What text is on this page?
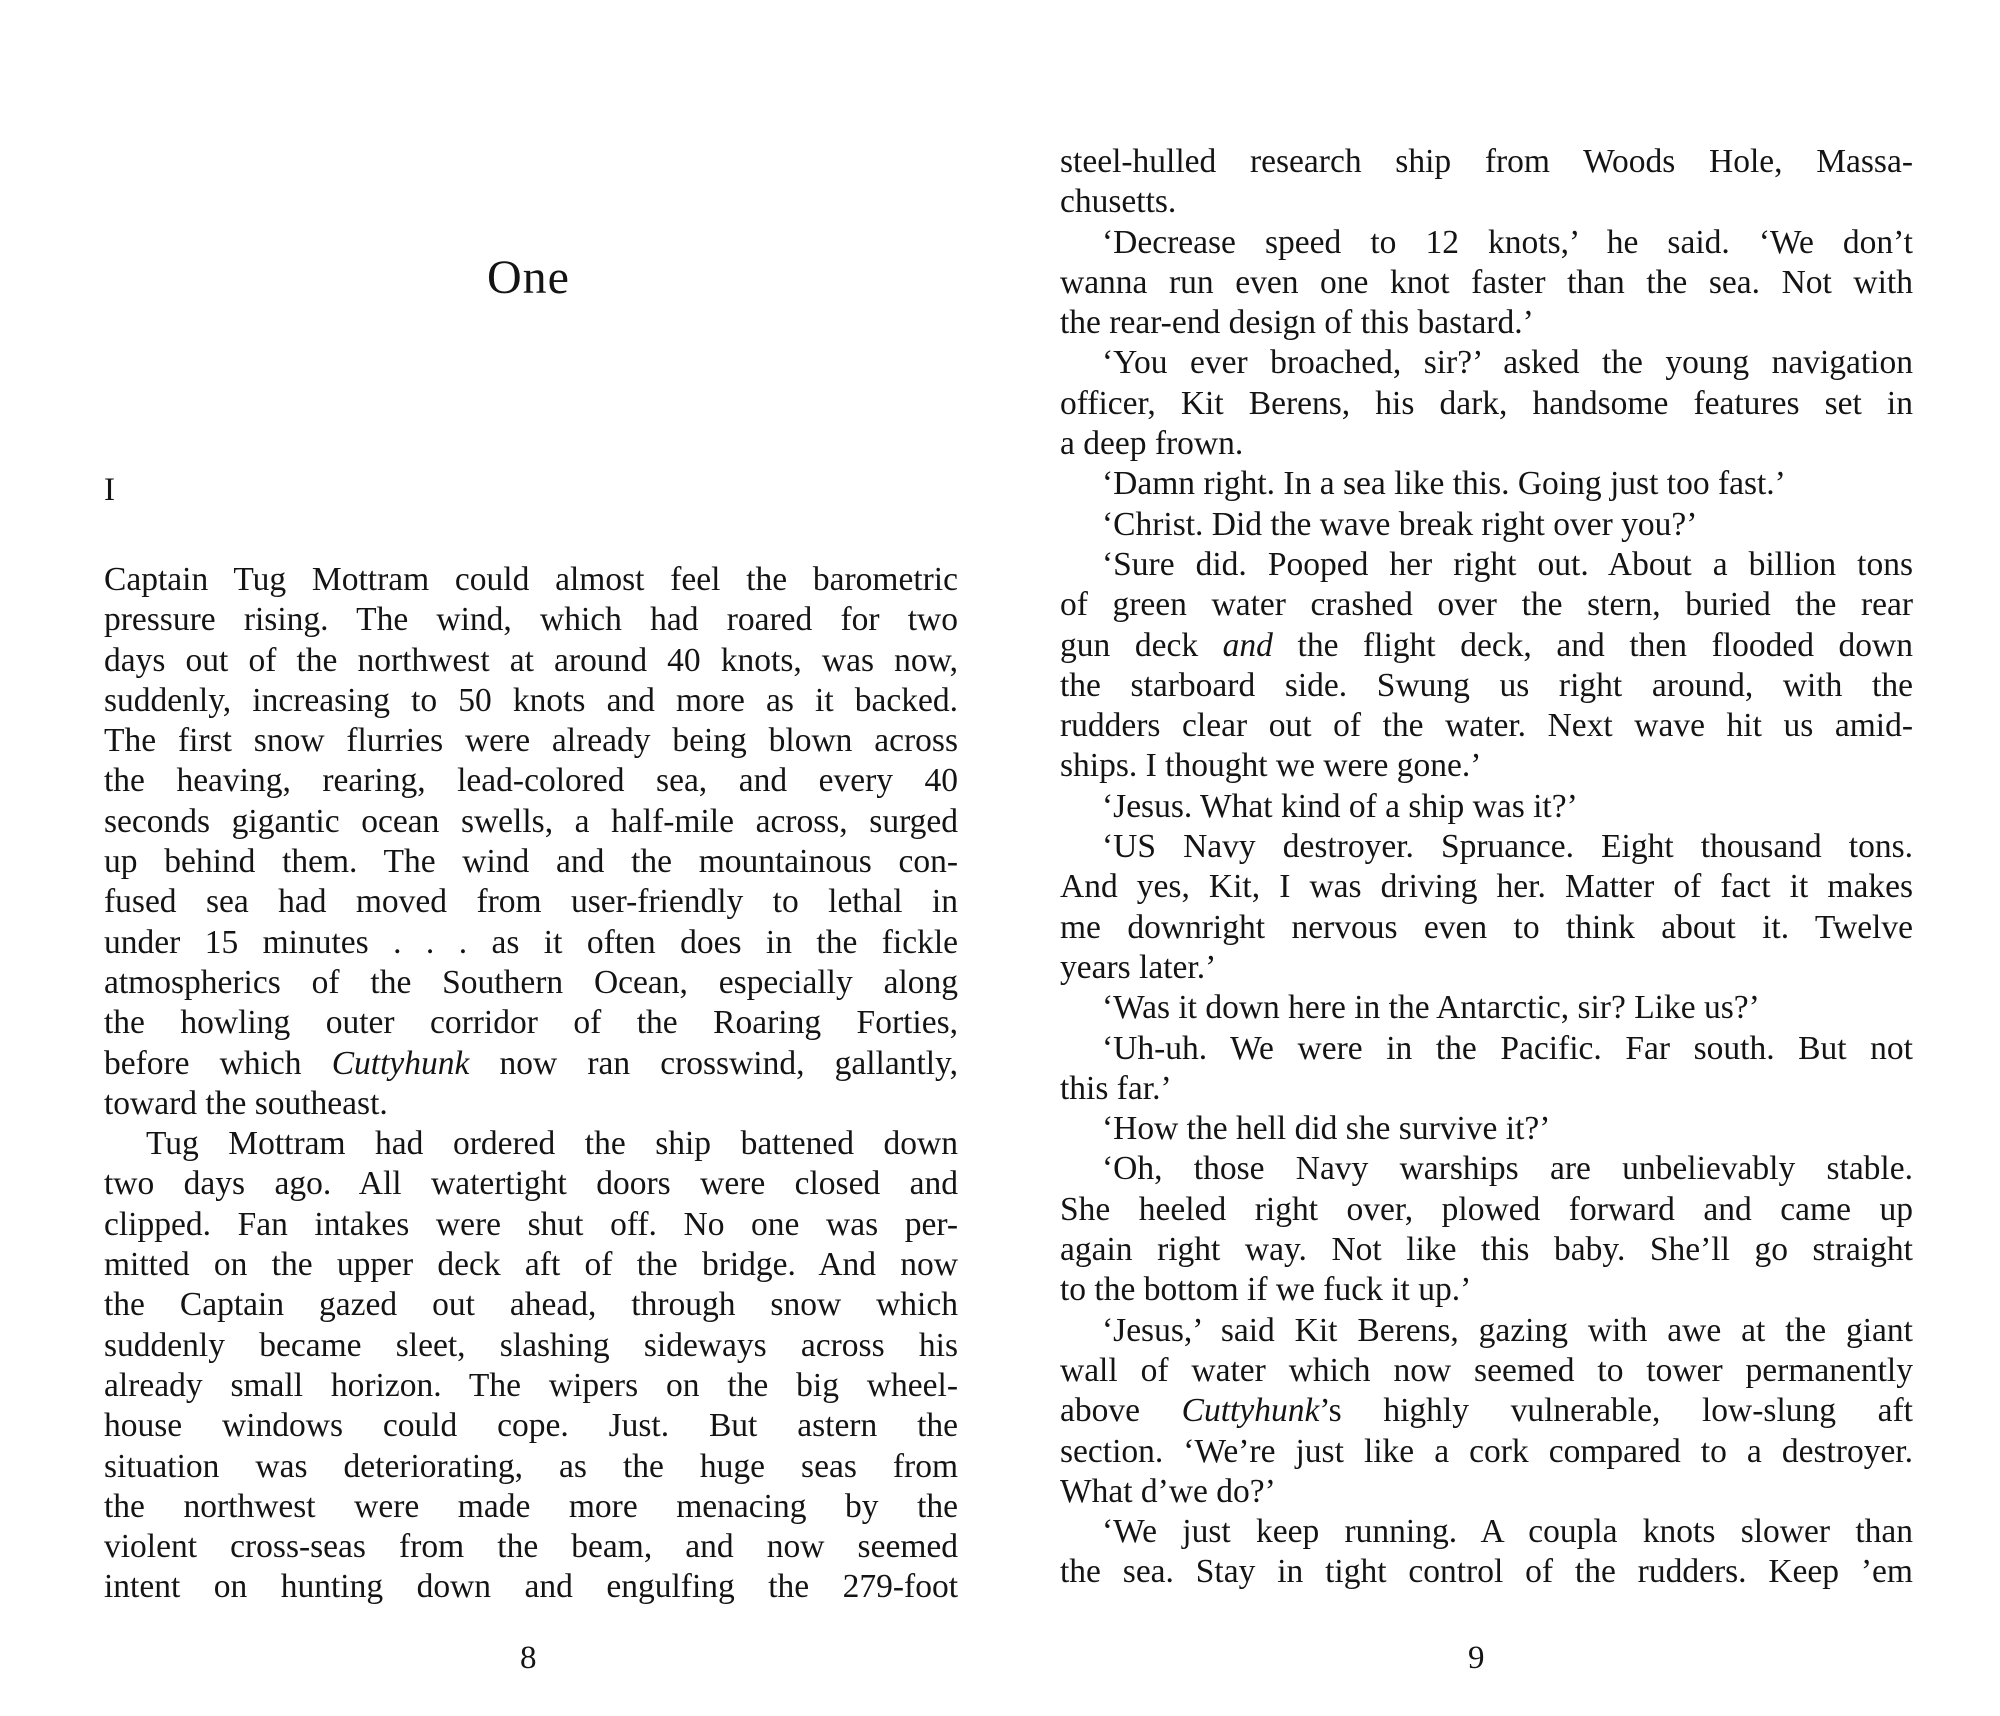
One
I
Captain Tug Mottram could almost feel the barometric
pressure rising. The wind, which had roared for two
days out of the northwest at around 40 knots, was now,
suddenly, increasing to 50 knots and more as it backed.
The first snow flurries were already being blown across
the heaving, rearing, lead-colored sea, and every 40
seconds gigantic ocean swells, a half-mile across, surged
up behind them. The wind and the mountainous con-
fused sea had moved from user-friendly to lethal in
under 15 minutes . . . as it often does in the fickle
atmospherics of the Southern Ocean, especially along
the howling outer corridor of the Roaring Forties,
before which Cuttyhunk now ran crosswind, gallantly,
toward the southeast.
Tug Mottram had ordered the ship battened down
two days ago. All watertight doors were closed and
clipped. Fan intakes were shut off. No one was per-
mitted on the upper deck aft of the bridge. And now
the Captain gazed out ahead, through snow which
suddenly became sleet, slashing sideways across his
already small horizon. The wipers on the big wheel-
house windows could cope. Just. But astern the
situation was deteriorating, as the huge seas from
the northwest were made more menacing by the
violent cross-seas from the beam, and now seemed
intent on hunting down and engulfing the 279-foot
8
steel-hulled research ship from Woods Hole, Massa-
chusetts.
‘Decrease speed to 12 knots,’ he said. ‘We don’t
wanna run even one knot faster than the sea. Not with
the rear-end design of this bastard.’
‘You ever broached, sir?’ asked the young navigation
officer, Kit Berens, his dark, handsome features set in
a deep frown.
‘Damn right. In a sea like this. Going just too fast.’
‘Christ. Did the wave break right over you?’
‘Sure did. Pooped her right out. About a billion tons
of green water crashed over the stern, buried the rear
gun deck and the flight deck, and then flooded down
the starboard side. Swung us right around, with the
rudders clear out of the water. Next wave hit us amid-
ships. I thought we were gone.’
‘Jesus. What kind of a ship was it?’
‘US Navy destroyer. Spruance. Eight thousand tons.
And yes, Kit, I was driving her. Matter of fact it makes
me downright nervous even to think about it. Twelve
years later.’
‘Was it down here in the Antarctic, sir? Like us?’
‘Uh-uh. We were in the Pacific. Far south. But not
this far.’
‘How the hell did she survive it?’
‘Oh, those Navy warships are unbelievably stable.
She heeled right over, plowed forward and came up
again right way. Not like this baby. She’ll go straight
to the bottom if we fuck it up.’
‘Jesus,’ said Kit Berens, gazing with awe at the giant
wall of water which now seemed to tower permanently
above Cuttyhunk’s highly vulnerable, low-slung aft
section. ‘We’re just like a cork compared to a destroyer.
What d’we do?’
‘We just keep running. A coupla knots slower than
the sea. Stay in tight control of the rudders. Keep ’em
9
